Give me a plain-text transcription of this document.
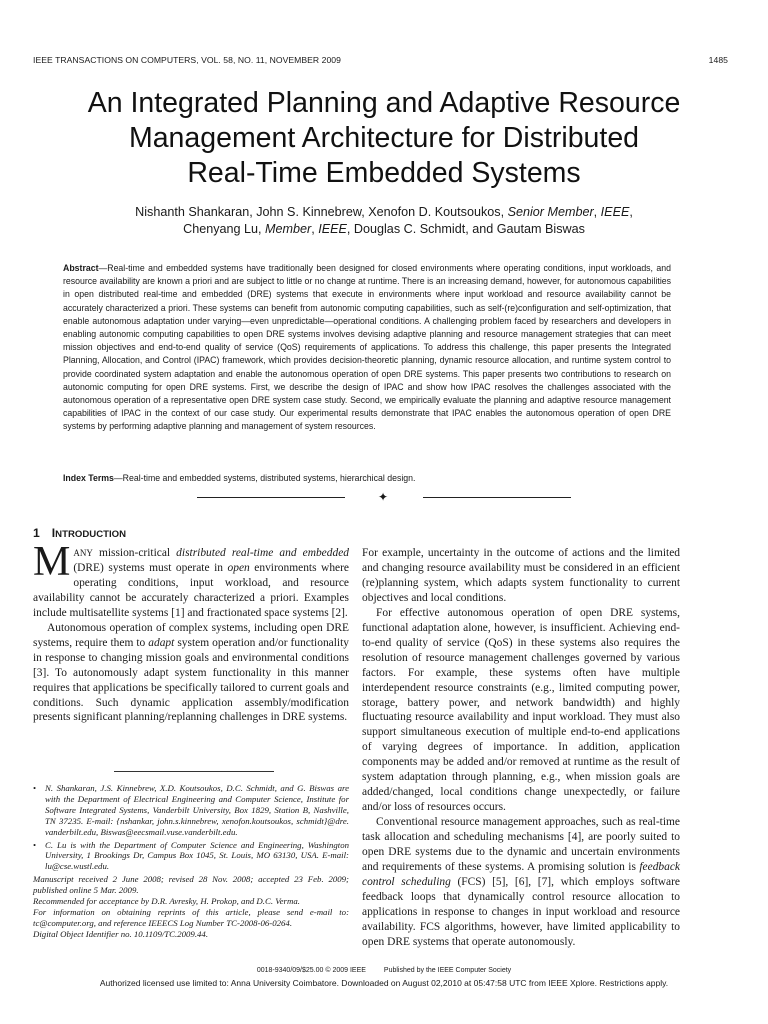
IEEE TRANSACTIONS ON COMPUTERS, VOL. 58, NO. 11, NOVEMBER 2009	1485
An Integrated Planning and Adaptive Resource
Management Architecture for Distributed
Real-Time Embedded Systems
Nishanth Shankaran, John S. Kinnebrew, Xenofon D. Koutsoukos, Senior Member, IEEE,
Chenyang Lu, Member, IEEE, Douglas C. Schmidt, and Gautam Biswas
Abstract—Real-time and embedded systems have traditionally been designed for closed environments where operating conditions, input workloads, and resource availability are known a priori and are subject to little or no change at runtime. There is an increasing demand, however, for autonomous capabilities in open distributed real-time and embedded (DRE) systems that execute in environments where input workload and resource availability cannot be accurately characterized a priori. These systems can benefit from autonomic computing capabilities, such as self-(re)configuration and self-optimization, that enable autonomous adaptation under varying—even unpredictable—operational conditions. A challenging problem faced by researchers and developers in enabling autonomic computing capabilities to open DRE systems involves devising adaptive planning and resource management strategies that can meet mission objectives and end-to-end quality of service (QoS) requirements of applications. To address this challenge, this paper presents the Integrated Planning, Allocation, and Control (IPAC) framework, which provides decision-theoretic planning, dynamic resource allocation, and runtime system control to provide coordinated system adaptation and enable the autonomous operation of open DRE systems. This paper presents two contributions to research on autonomic computing for open DRE systems. First, we describe the design of IPAC and show how IPAC resolves the challenges associated with the autonomous operation of a representative open DRE system case study. Second, we empirically evaluate the planning and adaptive resource management capabilities of IPAC in the context of our case study. Our experimental results demonstrate that IPAC enables the autonomous operation of open DRE systems by performing adaptive planning and management of system resources.
Index Terms—Real-time and embedded systems, distributed systems, hierarchical design.
✦
1 INTRODUCTION

MANY mission-critical distributed real-time and embedded (DRE) systems must operate in open environments where operating conditions, input workload, and resource availability cannot be accurately characterized a priori. Examples include multisatellite systems [1] and fractionated space systems [2].

Autonomous operation of complex systems, including open DRE systems, require them to adapt system operation and/or functionality in response to changing mission goals and environmental conditions [3]. To autonomously adapt system functionality in this manner requires that applications be specifically tailored to current goals and conditions. Such dynamic application assembly/modification presents significant planning/replanning challenges in DRE systems.

• N. Shankaran, J.S. Kinnebrew, X.D. Koutsoukos, D.C. Schmidt, and G. Biswas are with the Department of Electrical Engineering and Computer Science, Institute for Software Integrated Systems, Vanderbilt University, Box 1829, Station B, Nashville, TN 37235. E-mail: {nshankar, john.s.kinnebrew, xenofon.koutsoukos, schmidt}@dre. vanderbilt.edu, Biswas@eecsmail.vuse.vanderbilt.edu.
• C. Lu is with the Department of Computer Science and Engineering, Washington University, 1 Brookings Dr, Campus Box 1045, St. Louis, MO 63130, USA. E-mail: lu@cse.wustl.edu.

Manuscript received 2 June 2008; revised 28 Nov. 2008; accepted 23 Feb. 2009; published online 5 Mar. 2009.

Recommended for acceptance by D.R. Avresky, H. Prokop, and D.C. Verma.

For information on obtaining reprints of this article, please send e-mail to: tc@computer.org, and reference IEEECS Log Number TC-2008-06-0264.

Digital Object Identifier no. 10.1109/TC.2009.44.

For example, uncertainty in the outcome of actions and the limited and changing resource availability must be considered in an efficient (re)planning system, which adapts system functionality to current objectives and local conditions.

For effective autonomous operation of open DRE systems, functional adaptation alone, however, is insufficient. Achieving end-to-end quality of service (QoS) in these systems also requires the resolution of resource management challenges governed by various factors. For example, these systems often have multiple interdependent resource constraints (e.g., limited computing power, storage, battery power, and network bandwidth) and highly fluctuating resource availability and input workload. They must also support simultaneous execution of multiple end-to-end applications of varying degrees of importance. In addition, application components may be added and/or removed at runtime as the result of system adaptation through planning, e.g., when mission goals are added/changed, local conditions change unexpectedly, or failure and/or loss of resources occurs.

Conventional resource management approaches, such as real-time task allocation and scheduling mechanisms [4], are poorly suited to open DRE systems due to the dynamic and uncertain environments and requirements of these systems. A promising solution is feedback control scheduling (FCS) [5], [6], [7], which employs software feedback loops that dynamically control resource allocation to applications in response to changes in input workload and resource availability. FCS algorithms, however, have limited applicability to open DRE systems that operate autonomously.

0018-9340/09/$25.00 © 2009 IEEE	Published by the IEEE Computer Society
Authorized licensed use limited to: Anna University Coimbatore. Downloaded on August 02,2010 at 05:47:58 UTC from IEEE Xplore. Restrictions apply.
